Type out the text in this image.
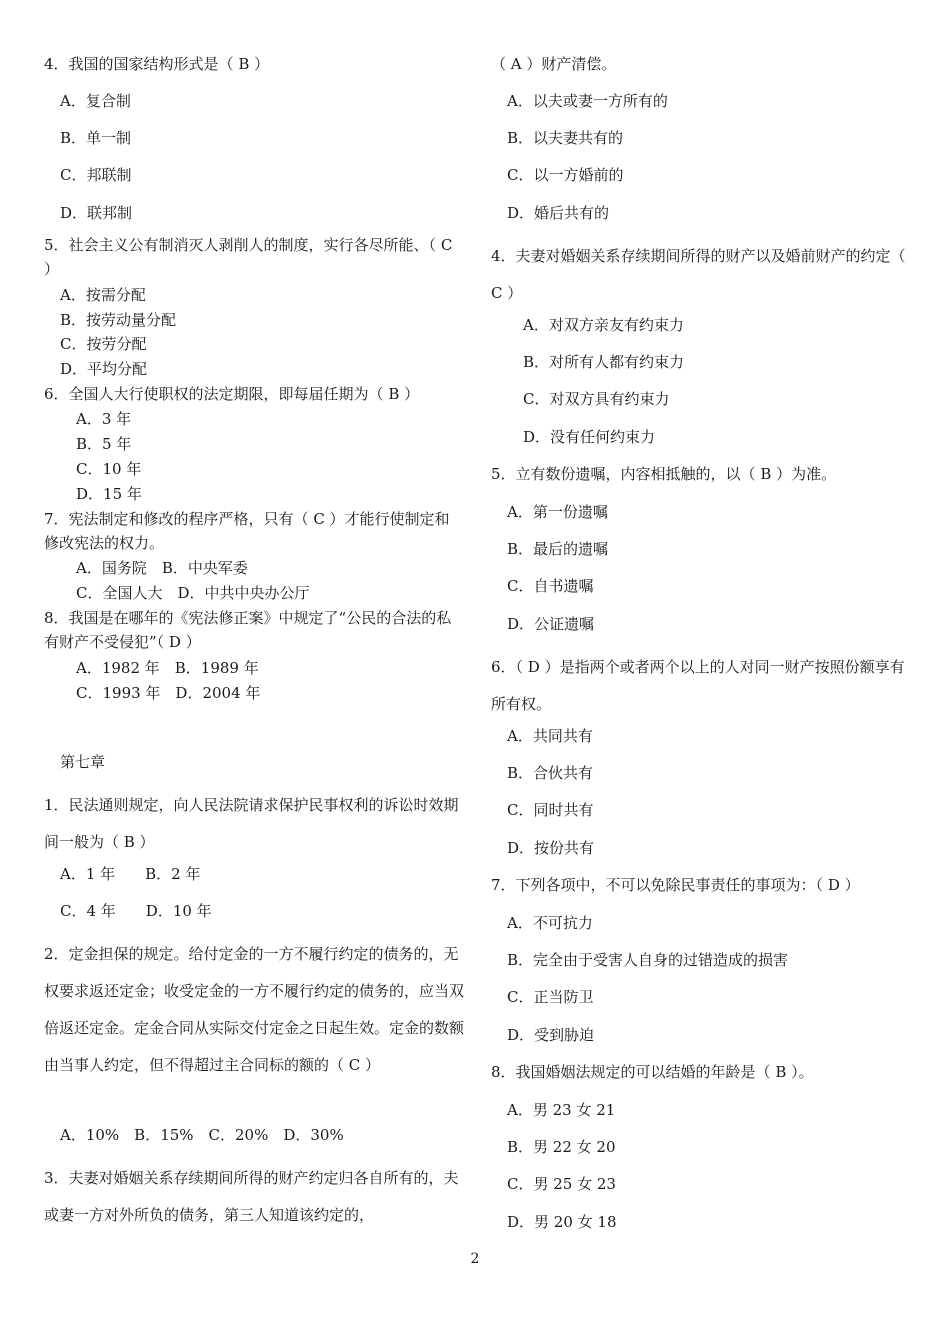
4．我国的国家结构形式是（ B ）
A．复合制
B．单一制
C．邦联制
D．联邦制
5．社会主义公有制消灭人剥削人的制度，实行各尽所能、（ C ）
A．按需分配
B．按劳动量分配
C．按劳分配
D．平均分配
6．全国人大行使职权的法定期限，即每届任期为（ B ）
A．3 年
B．5 年
C．10 年
D．15 年
7．宪法制定和修改的程序严格，只有（ C ）才能行使制定和修改宪法的权力。
A．国务院　B．中央军委
C．全国人大　D．中共中央办公厅
8．我国是在哪年的《宪法修正案》中规定了“公民的合法的私有财产不受侵犯”（ D ）
A．1982 年　B．1989 年
C．1993 年　D．2004 年
第七章
1．民法通则规定，向人民法院请求保护民事权利的诉讼时效期间一般为（ B ）
A．1 年　　B．2 年
C．4 年　　D．10 年
2．定金担保的规定。给付定金的一方不履行约定的债务的，无权要求返还定金；收受定金的一方不履行约定的债务的，应当双倍返还定金。定金合同从实际交付定金之日起生效。定金的数额由当事人约定，但不得超过主合同标的额的（ C ）
A．10%　B．15%　C．20%　D．30%
3．夫妻对婚姻关系存续期间所得的财产约定归各自所有的，夫或妻一方对外所负的债务，第三人知道该约定的，
（ A ）财产清偿。
A．以夫或妻一方所有的
B．以夫妻共有的
C．以一方婚前的
D．婚后共有的
4．夫妻对婚姻关系存续期间所得的财产以及婚前财产的约定（ C ）
A．对双方亲友有约束力
B．对所有人都有约束力
C．对双方具有约束力
D．没有任何约束力
5．立有数份遗嘱，内容相抵触的，以（ B ）为准。
A．第一份遗嘱
B．最后的遗嘱
C．自书遗嘱
D．公证遗嘱
6．（ D ）是指两个或者两个以上的人对同一财产按照份额享有所有权。
A．共同共有
B．合伙共有
C．同时共有
D．按份共有
7．下列各项中，不可以免除民事责任的事项为：（ D ）
A．不可抗力
B．完全由于受害人自身的过错造成的损害
C．正当防卫
D．受到胁迫
8．我国婚姻法规定的可以结婚的年龄是（ B ）。
A．男 23 女 21
B．男 22 女 20
C．男 25 女 23
D．男 20 女 18
2
